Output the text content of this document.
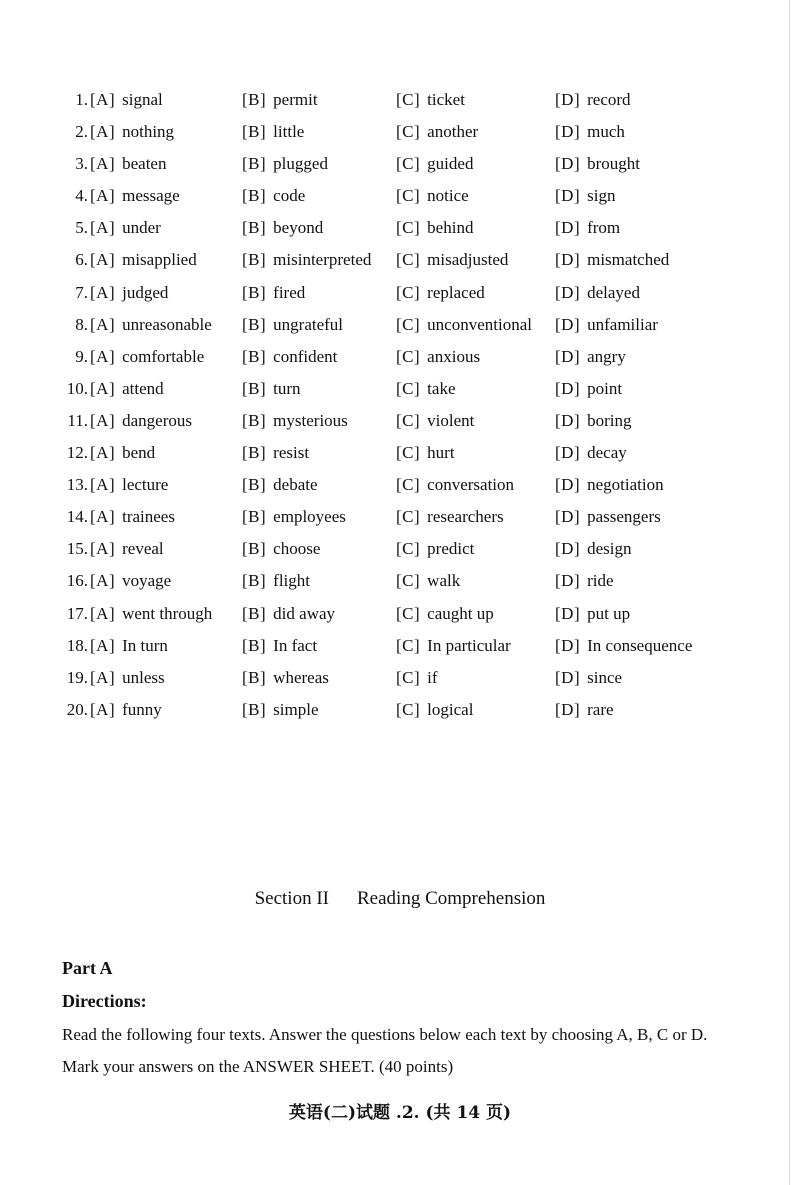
1. [A] signal	[B] permit	[C] ticket	[D] record
2. [A] nothing	[B] little	[C] another	[D] much
3. [A] beaten	[B] plugged	[C] guided	[D] brought
4. [A] message	[B] code	[C] notice	[D] sign
5. [A] under	[B] beyond	[C] behind	[D] from
6. [A] misapplied	[B] misinterpreted [C] misadjusted	[D] mismatched
7. [A] judged	[B] fired	[C] replaced	[D] delayed
8. [A] unreasonable [B] ungrateful	[C] unconventional [D] unfamiliar
9. [A] comfortable [B] confident	[C] anxious	[D] angry
10. [A] attend	[B] turn	[C] take	[D] point
11. [A] dangerous	[B] mysterious	[C] violent	[D] boring
12. [A] bend	[B] resist	[C] hurt	[D] decay
13. [A] lecture	[B] debate	[C] conversation [D] negotiation
14. [A] trainees	[B] employees	[C] researchers	[D] passengers
15. [A] reveal	[B] choose	[C] predict	[D] design
16. [A] voyage	[B] flight	[C] walk	[D] ride
17. [A] went through [B] did away	[C] caught up	[D] put up
18. [A] In turn	[B] In fact	[C] In particular	[D] In consequence
19. [A] unless	[B] whereas	[C] if	[D] since
20. [A] funny	[B] simple	[C] logical	[D] rare
Section II Reading Comprehension
Part A
Directions:
Read the following four texts. Answer the questions below each text by choosing A, B, C or D. Mark your answers on the ANSWER SHEET. (40 points)
英语(二)试题 .2. (共 14 页)
